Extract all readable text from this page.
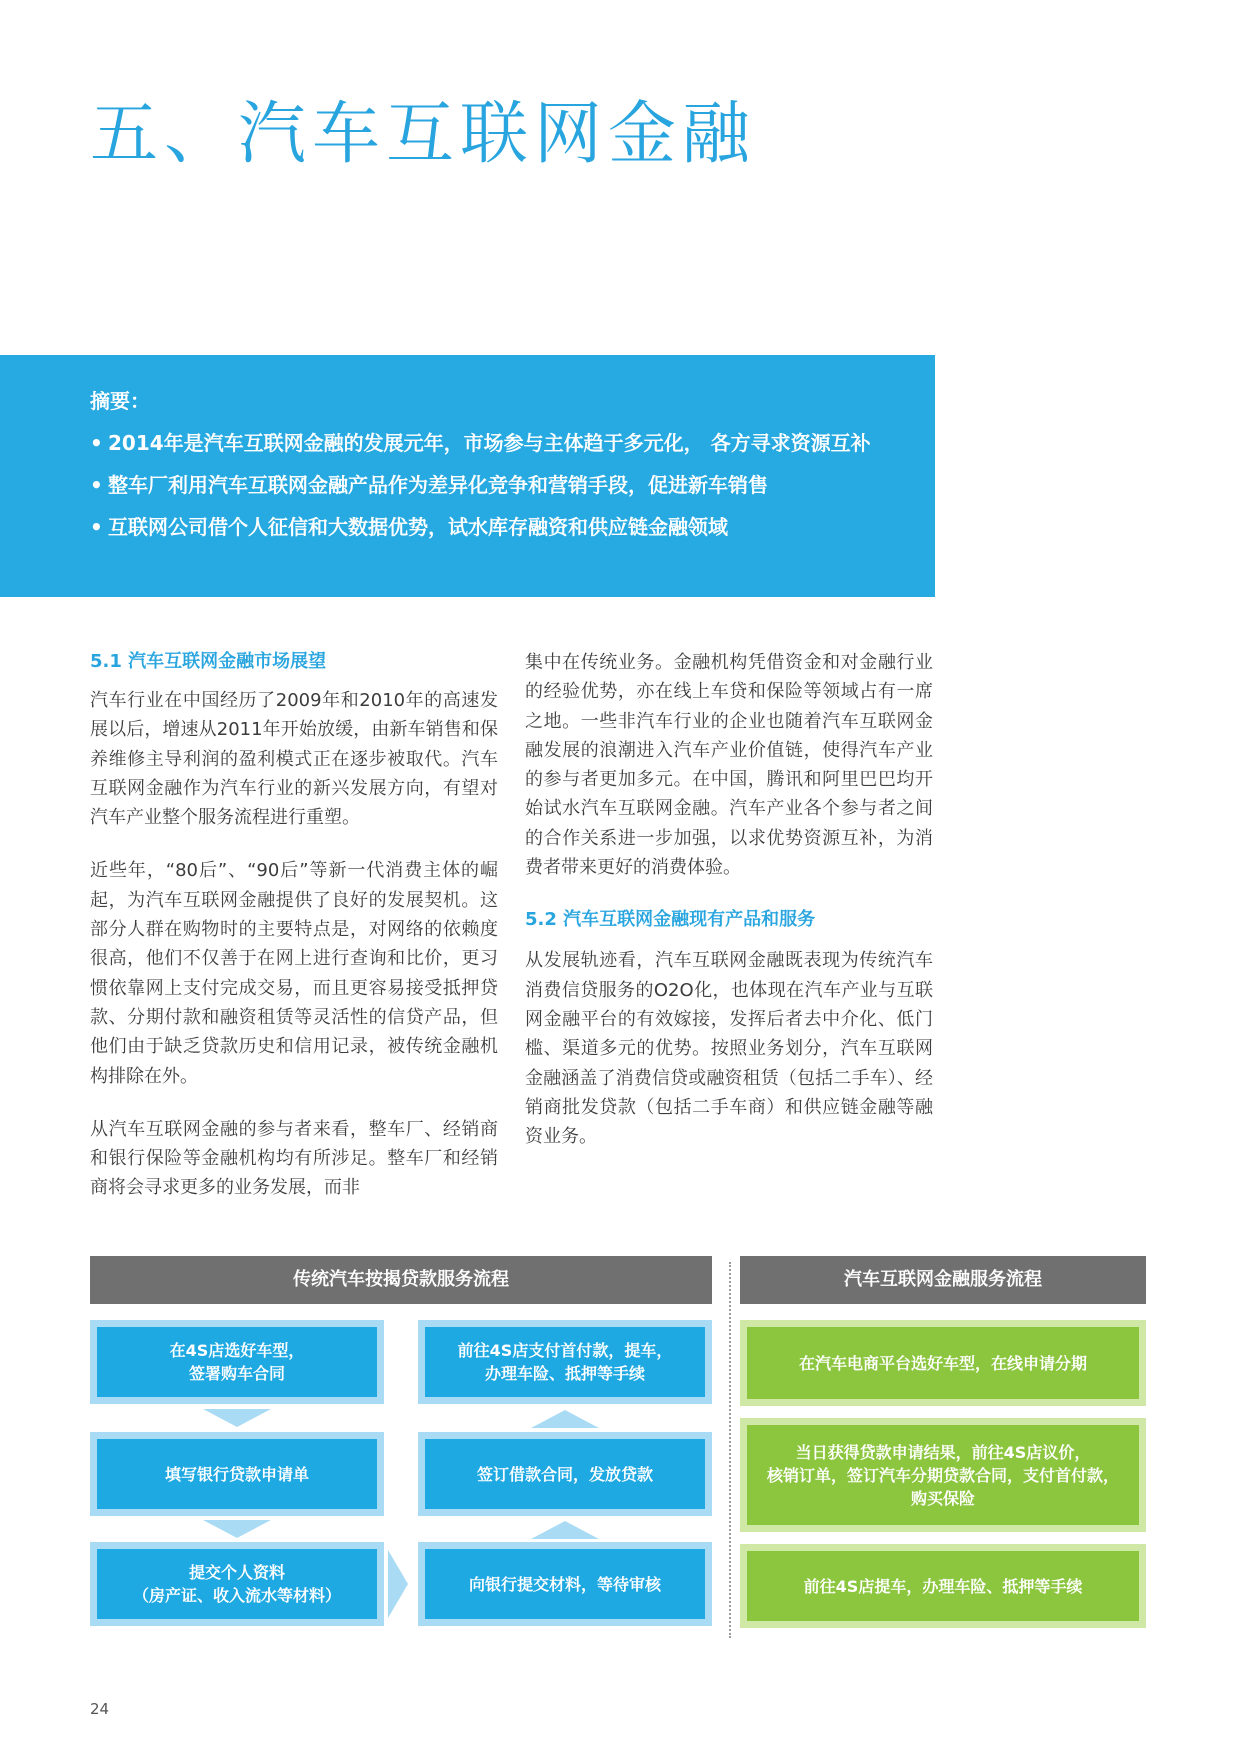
五、汽车互联网金融
摘要：
• 2014年是汽车互联网金融的发展元年，市场参与主体趋于多元化， 各方寻求资源互补
• 整车厂利用汽车互联网金融产品作为差异化竞争和营销手段，促进新车销售
• 互联网公司借个人征信和大数据优势，试水库存融资和供应链金融领域
5.1 汽车互联网金融市场展望

汽车行业在中国经历了2009年和2010年的高速发展以后，增速从2011年开始放缓，由新车销售和保养维修主导利润的盈利模式正在逐步被取代。汽车互联网金融作为汽车行业的新兴发展方向，有望对汽车产业整个服务流程进行重塑。

近些年，“80后”、“90后”等新一代消费主体的崛起，为汽车互联网金融提供了良好的发展契机。这部分人群在购物时的主要特点是，对网络的依赖度很高，他们不仅善于在网上进行查询和比价，更习惯依靠网上支付完成交易，而且更容易接受抵押贷款、分期付款和融资租赁等灵活性的信贷产品，但他们由于缺乏贷款历史和信用记录，被传统金融机构排除在外。

从汽车互联网金融的参与者来看，整车厂、经销商和银行保险等金融机构均有所涉足。整车厂和经销商将会寻求更多的业务发展，而非

集中在传统业务。金融机构凭借资金和对金融行业的经验优势，亦在线上车贷和保险等领域占有一席之地。一些非汽车行业的企业也随着汽车互联网金融发展的浪潮进入汽车产业价值链，使得汽车产业的参与者更加多元。在中国，腾讯和阿里巴巴均开始试水汽车互联网金融。汽车产业各个参与者之间的合作关系进一步加强，以求优势资源互补，为消费者带来更好的消费体验。

5.2 汽车互联网金融现有产品和服务

从发展轨迹看，汽车互联网金融既表现为传统汽车消费信贷服务的O2O化，也体现在汽车产业与互联网金融平台的有效嫁接，发挥后者去中介化、低门槛、渠道多元的优势。按照业务划分，汽车互联网金融涵盖了消费信贷或融资租赁（包括二手车）、经销商批发贷款（包括二手车商）和供应链金融等融资业务。

传统汽车按揭贷款服务流程
在4S店选好车型，
签署购车合同
填写银行贷款申请单
提交个人资料
（房产证、收入流水等材料）
前往4S店支付首付款，提车，
办理车险、抵押等手续
签订借款合同，发放贷款
向银行提交材料，等待审核
汽车互联网金融服务流程
在汽车电商平台选好车型，在线申请分期
当日获得贷款申请结果，前往4S店议价，
核销订单，签订汽车分期贷款合同，支付首付款，
购买保险
前往4S店提车，办理车险、抵押等手续
24
